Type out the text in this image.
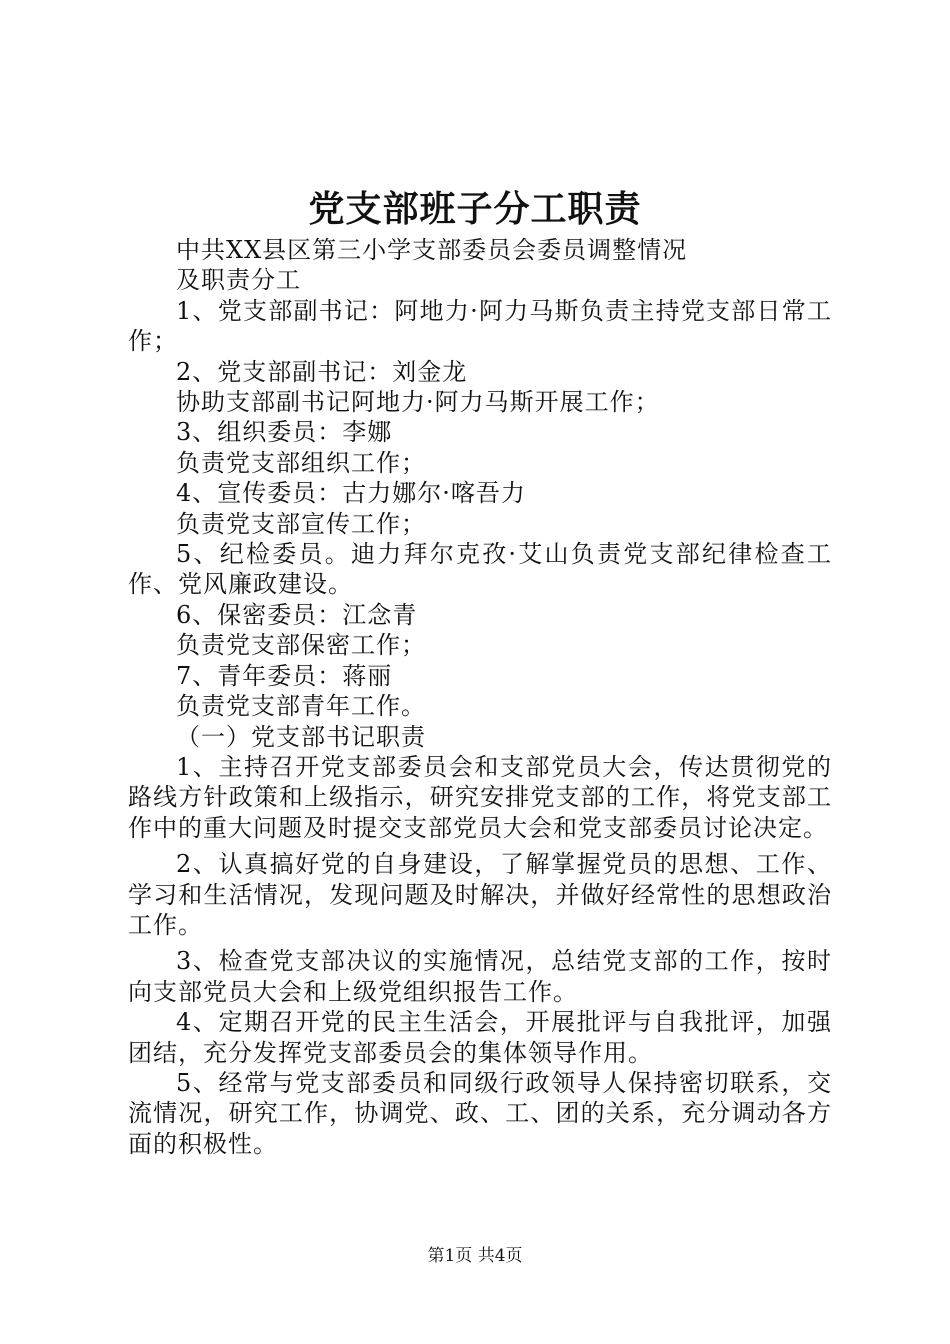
党支部班子分工职责

中共XX县区第三小学支部委员会委员调整情况

及职责分工

1、党支部副书记：阿地力·阿力马斯负责主持党支部日常工作；

2、党支部副书记：刘金龙

协助支部副书记阿地力·阿力马斯开展工作；

3、组织委员：李娜

负责党支部组织工作；

4、宣传委员：古力娜尔·喀吾力

负责党支部宣传工作；

5、纪检委员。迪力拜尔克孜·艾山负责党支部纪律检查工作、党风廉政建设。

6、保密委员：江念青

负责党支部保密工作；

7、青年委员：蒋丽

负责党支部青年工作。

（一）党支部书记职责

1、主持召开党支部委员会和支部党员大会，传达贯彻党的路线方针政策和上级指示，研究安排党支部的工作，将党支部工作中的重大问题及时提交支部党员大会和党支部委员讨论决定。

2、认真搞好党的自身建设，了解掌握党员的思想、工作、学习和生活情况，发现问题及时解决，并做好经常性的思想政治工作。

3、检查党支部决议的实施情况，总结党支部的工作，按时向支部党员大会和上级党组织报告工作。

4、定期召开党的民主生活会，开展批评与自我批评，加强团结，充分发挥党支部委员会的集体领导作用。

5、经常与党支部委员和同级行政领导人保持密切联系，交流情况，研究工作，协调党、政、工、团的关系，充分调动各方面的积极性。

第1页 共4页
